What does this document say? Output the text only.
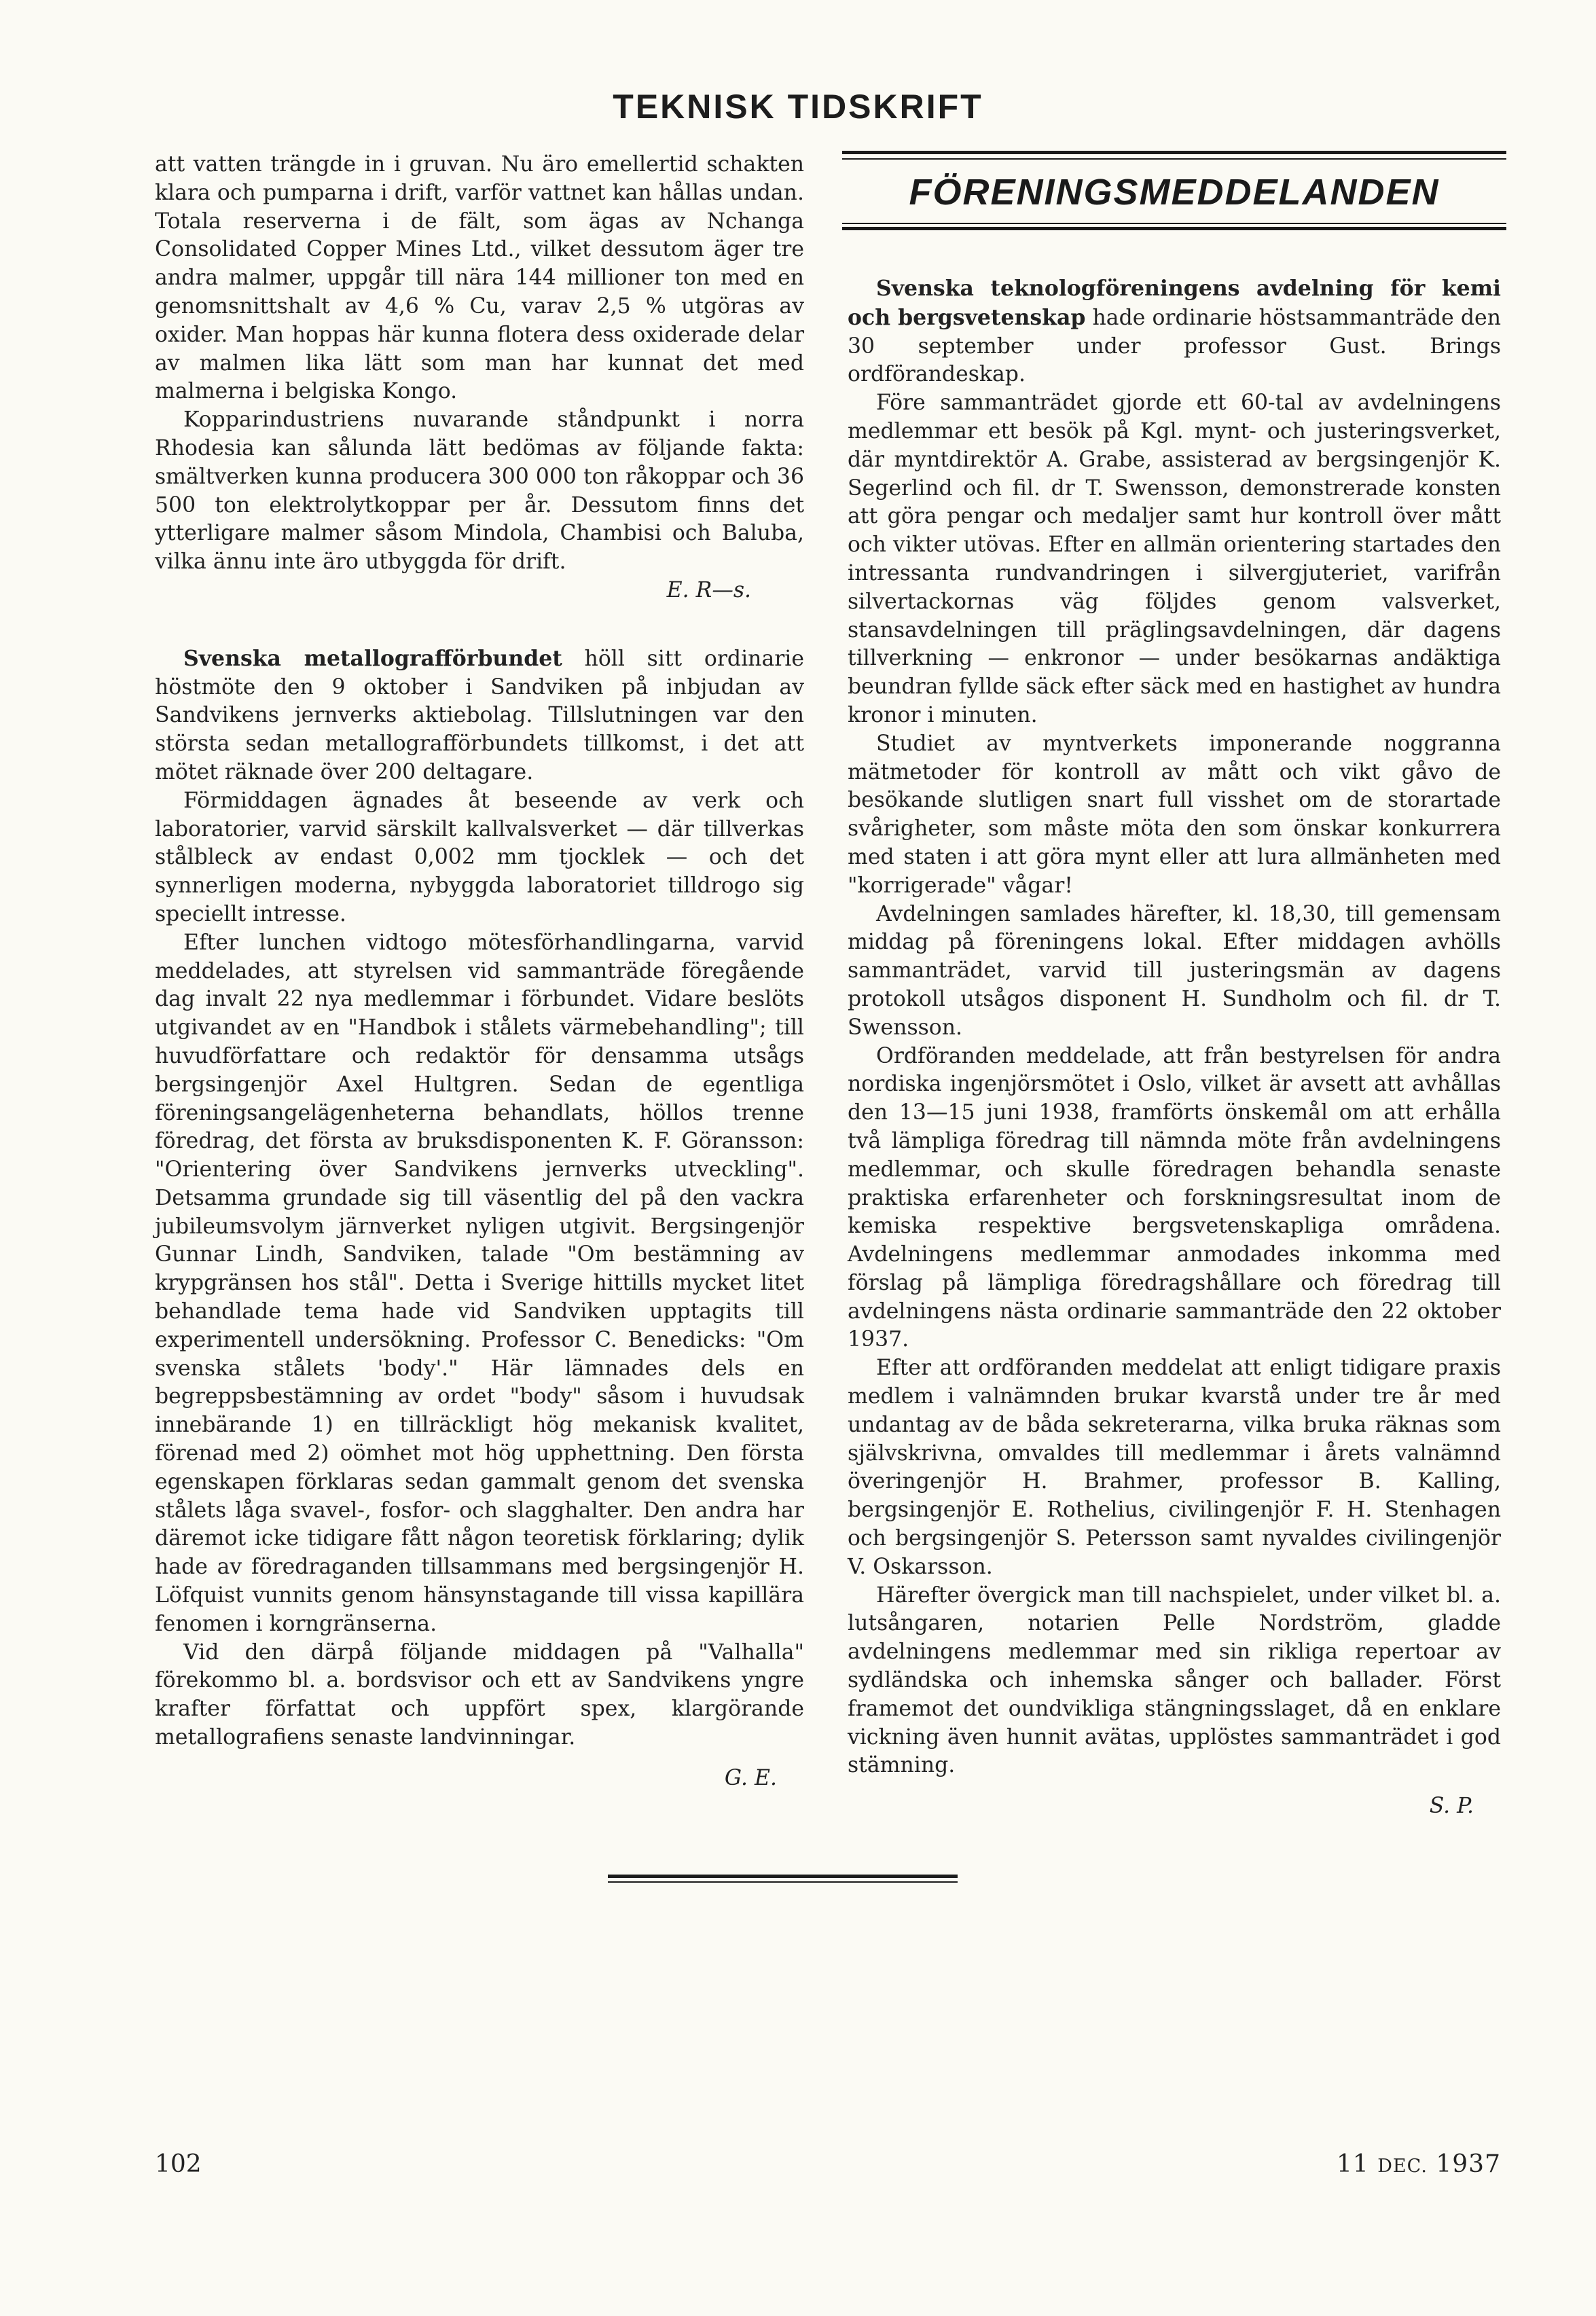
TEKNISK TIDSKRIFT

att vatten trängde in i gruvan. Nu äro emellertid schakten klara och pumparna i drift, varför vattnet kan hållas undan. Totala reserverna i de fält, som ägas av Nchanga Consolidated Copper Mines Ltd., vilket dessutom äger tre andra malmer, uppgår till nära 144 millioner ton med en genomsnittshalt av 4,6 % Cu, varav 2,5 % utgöras av oxider. Man hoppas här kunna flotera dess oxiderade delar av malmen lika lätt som man har kunnat det med malmerna i belgiska Kongo.

Kopparindustriens nuvarande ståndpunkt i norra Rhodesia kan sålunda lätt bedömas av följande fakta: smältverken kunna producera 300 000 ton råkoppar och 36 500 ton elektrolytkoppar per år. Dessutom finns det ytterligare malmer såsom Mindola, Chambisi och Baluba, vilka ännu inte äro utbyggda för drift.

E. R—s.

Svenska metallografförbundet höll sitt ordinarie höstmöte den 9 oktober i Sandviken på inbjudan av Sandvikens jernverks aktiebolag. Tillslutningen var den största sedan metallografförbundets tillkomst, i det att mötet räknade över 200 deltagare.

Förmiddagen ägnades åt beseende av verk och laboratorier, varvid särskilt kallvalsverket — där tillverkas stålbleck av endast 0,002 mm tjocklek — och det synnerligen moderna, nybyggda laboratoriet tilldrogo sig speciellt intresse.

Efter lunchen vidtogo mötesförhandlingarna, varvid meddelades, att styrelsen vid sammanträde föregående dag invalt 22 nya medlemmar i förbundet. Vidare beslöts utgivandet av en "Handbok i stålets värmebehandling"; till huvudförfattare och redaktör för densamma utsågs bergsingenjör Axel Hultgren. Sedan de egentliga föreningsangelägenheterna behandlats, höllos trenne föredrag, det första av bruksdisponenten K. F. Göransson: "Orientering över Sandvikens jernverks utveckling". Detsamma grundade sig till väsentlig del på den vackra jubileumsvolym järnverket nyligen utgivit. Bergsingenjör Gunnar Lindh, Sandviken, talade "Om bestämning av krypgränsen hos stål". Detta i Sverige hittills mycket litet behandlade tema hade vid Sandviken upptagits till experimentell undersökning. Professor C. Benedicks: "Om svenska stålets 'body'." Här lämnades dels en begreppsbestämning av ordet "body" såsom i huvudsak innebärande 1) en tillräckligt hög mekanisk kvalitet, förenad med 2) oömhet mot hög upphettning. Den första egenskapen förklaras sedan gammalt genom det svenska stålets låga svavel-, fosfor- och slagghalter. Den andra har däremot icke tidigare fått någon teoretisk förklaring; dylik hade av föredraganden tillsammans med bergsingenjör H. Löfquist vunnits genom hänsynstagande till vissa kapillära fenomen i korngränserna.

Vid den därpå följande middagen på "Valhalla" förekommo bl. a. bordsvisor och ett av Sandvikens yngre krafter författat och uppfört spex, klargörande metallografiens senaste landvinningar.

G. E.

FÖRENINGSMEDDELANDEN

Svenska teknologföreningens avdelning för kemi och bergsvetenskap hade ordinarie höstsammanträde den 30 september under professor Gust. Brings ordförandeskap.

Före sammanträdet gjorde ett 60-tal av avdelningens medlemmar ett besök på Kgl. mynt- och justeringsverket, där myntdirektör A. Grabe, assisterad av bergsingenjör K. Segerlind och fil. dr T. Swensson, demonstrerade konsten att göra pengar och medaljer samt hur kontroll över mått och vikter utövas. Efter en allmän orientering startades den intressanta rundvandringen i silvergjuteriet, varifrån silvertackornas väg följdes genom valsverket, stansavdelningen till präglingsavdelningen, där dagens tillverkning — enkronor — under besökarnas andäktiga beundran fyllde säck efter säck med en hastighet av hundra kronor i minuten.

Studiet av myntverkets imponerande noggranna mätmetoder för kontroll av mått och vikt gåvo de besökande slutligen snart full visshet om de storartade svårigheter, som måste möta den som önskar konkurrera med staten i att göra mynt eller att lura allmänheten med "korrigerade" vågar!

Avdelningen samlades härefter, kl. 18,30, till gemensam middag på föreningens lokal. Efter middagen avhölls sammanträdet, varvid till justeringsmän av dagens protokoll utsågos disponent H. Sundholm och fil. dr T. Swensson.

Ordföranden meddelade, att från bestyrelsen för andra nordiska ingenjörsmötet i Oslo, vilket är avsett att avhållas den 13—15 juni 1938, framförts önskemål om att erhålla två lämpliga föredrag till nämnda möte från avdelningens medlemmar, och skulle föredragen behandla senaste praktiska erfarenheter och forskningsresultat inom de kemiska respektive bergsvetenskapliga områdena. Avdelningens medlemmar anmodades inkomma med förslag på lämpliga föredragshållare och föredrag till avdelningens nästa ordinarie sammanträde den 22 oktober 1937.

Efter att ordföranden meddelat att enligt tidigare praxis medlem i valnämnden brukar kvarstå under tre år med undantag av de båda sekreterarna, vilka bruka räknas som självskrivna, omvaldes till medlemmar i årets valnämnd överingenjör H. Brahmer, professor B. Kalling, bergsingenjör E. Rothelius, civilingenjör F. H. Stenhagen och bergsingenjör S. Petersson samt nyvaldes civilingenjör V. Oskarsson.

Härefter övergick man till nachspielet, under vilket bl. a. lutsångaren, notarien Pelle Nordström, gladde avdelningens medlemmar med sin rikliga repertoar av sydländska och inhemska sånger och ballader. Först framemot det oundvikliga stängningsslaget, då en enklare vickning även hunnit avätas, upplöstes sammanträdet i god stämning.

S. P.

102	11 DEC. 1937
